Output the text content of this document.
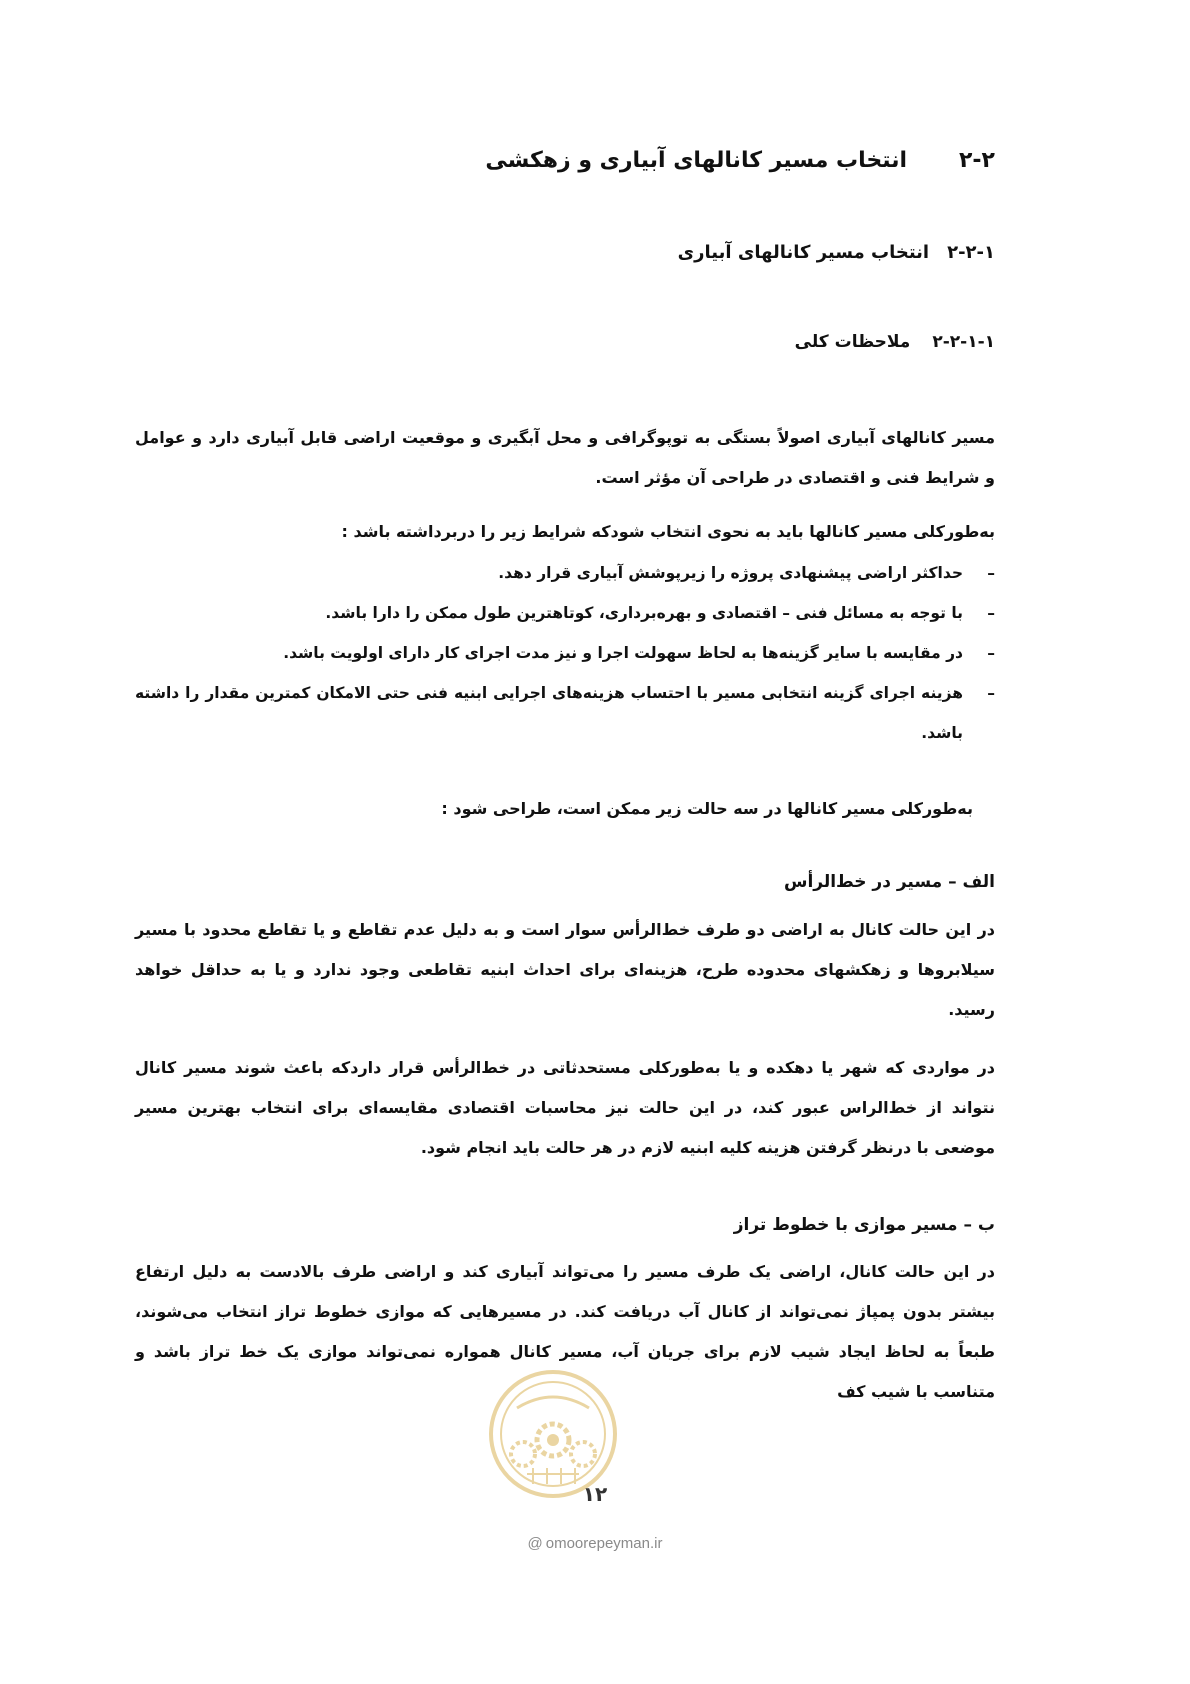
۲-۲انتخاب مسیر کانالهای آبیاری و زهکشی
۲-۲-۱انتخاب مسیر کانالهای آبیاری
۲-۲-۱-۱ملاحظات کلی

مسیر کانالهای آبیاری اصولاً بستگی به توپوگرافی و محل آبگیری و موقعیت اراضی قابل آبیاری دارد و عوامل و شرایط فنی و اقتصادی در طراحی آن مؤثر است.

به‌طورکلی مسیر کانالها باید به نحوی انتخاب شودکه شرایط زیر را دربرداشته باشد :

–
حداکثر اراضی پیشنهادی پروژه را زیرپوشش آبیاری قرار دهد.
–
با توجه به مسائل فنی – اقتصادی و بهره‌برداری، کوتاهترین طول ممکن را دارا باشد.
–
در مقایسه با سایر گزینه‌ها به لحاظ سهولت اجرا و نیز مدت اجرای کار دارای اولویت باشد.
–
هزینه اجرای گزینه انتخابی مسیر با احتساب هزینه‌های اجرایی ابنیه فنی حتی الامکان کمترین مقدار را داشته باشد.

به‌طورکلی مسیر کانالها در سه حالت زیر ممکن است، طراحی شود :

الف – مسیر در خط‌الرأس

در این حالت کانال به اراضی دو طرف خط‌الرأس سوار است و به دلیل عدم تقاطع و یا تقاطع محدود با مسیر سیلابروها و زهکشهای محدوده طرح، هزینه‌ای برای احداث ابنیه تقاطعی وجود ندارد و یا به حداقل خواهد رسید.

در مواردی که شهر یا دهکده و یا به‌طورکلی مستحدثاتی در خط‌الرأس قرار داردکه باعث شوند مسیر کانال نتواند از خط‌الراس عبور کند، در این حالت نیز محاسبات اقتصادی مقایسه‌ای برای انتخاب بهترین مسیر موضعی با درنظر گرفتن هزینه کلیه ابنیه لازم در هر حالت باید انجام شود.

ب – مسیر موازی با خطوط تراز

در این حالت کانال، اراضی یک طرف مسیر را می‌تواند آبیاری کند و اراضی طرف بالادست به دلیل ارتفاع بیشتر بدون پمپاژ نمی‌تواند از کانال آب دریافت کند. در مسیرهایی که موازی خطوط تراز انتخاب می‌شوند، طبعاً به لحاظ ایجاد شیب لازم برای جریان آب، مسیر کانال همواره نمی‌تواند موازی یک خط تراز باشد و متناسب با شیب کف

۱۲
@ omoorepeyman.ir
